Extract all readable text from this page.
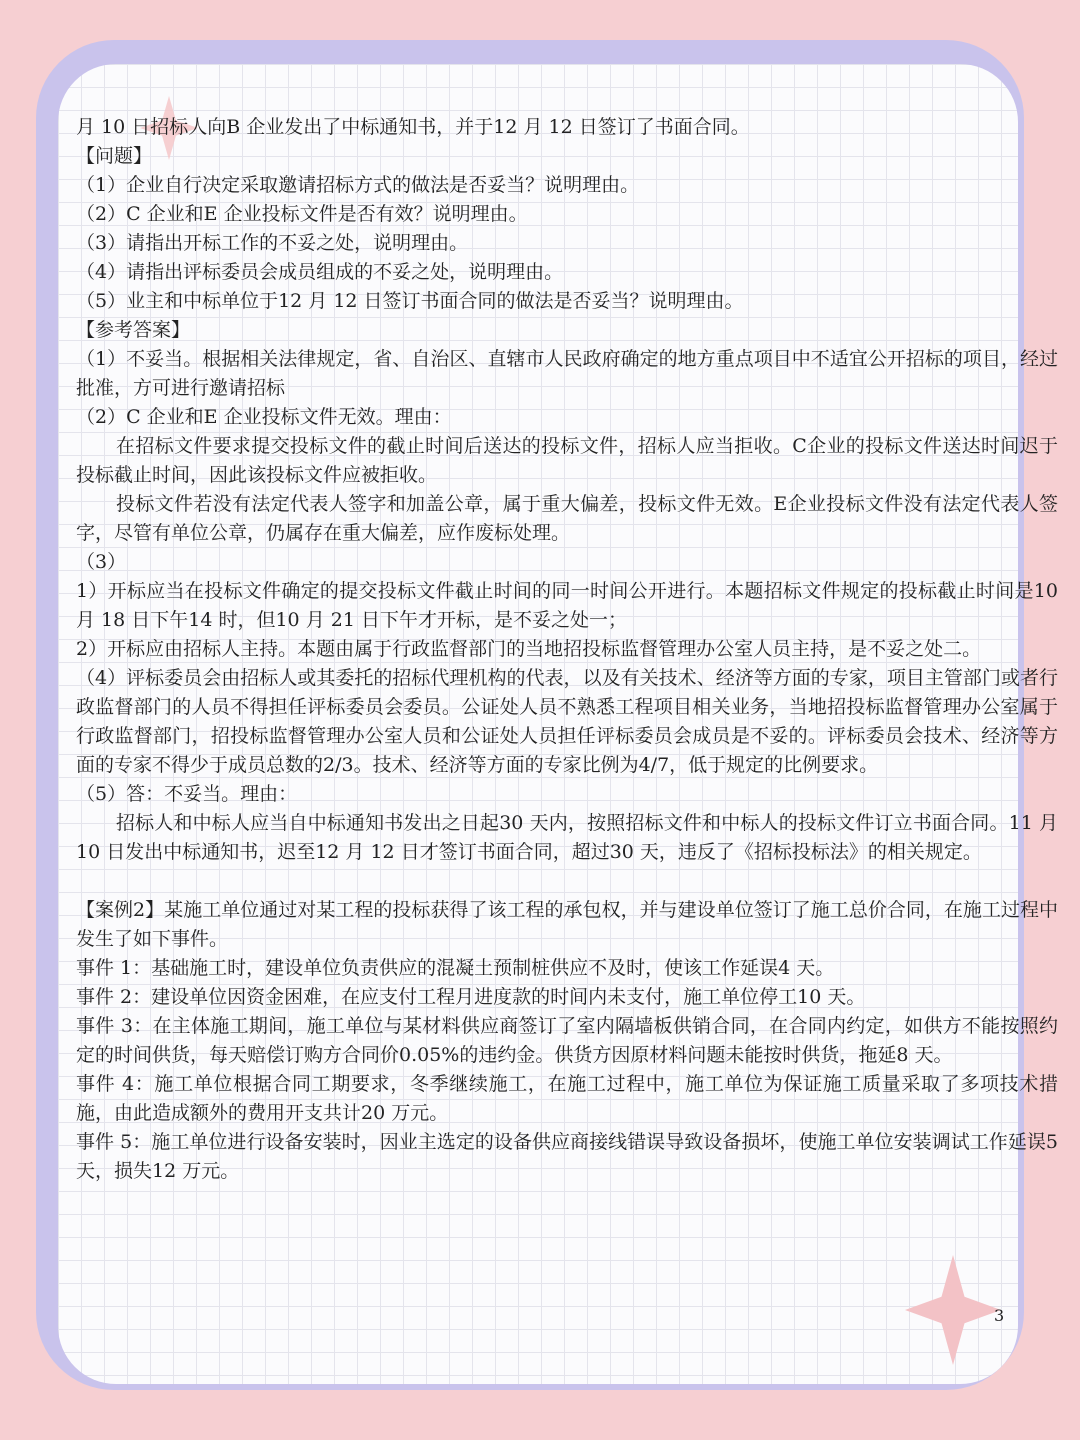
月 10 日招标人向B 企业发出了中标通知书，并于12 月 12 日签订了书面合同。

【问题】

（1）企业自行决定采取邀请招标方式的做法是否妥当？说明理由。

（2）C 企业和E 企业投标文件是否有效？说明理由。

（3）请指出开标工作的不妥之处，说明理由。

（4）请指出评标委员会成员组成的不妥之处，说明理由。

（5）业主和中标单位于12 月 12 日签订书面合同的做法是否妥当？说明理由。

【参考答案】

（1）不妥当。根据相关法律规定，省、自治区、直辖市人民政府确定的地方重点项目中不适宜公开招标的项目，经过批准，方可进行邀请招标

（2）C 企业和E 企业投标文件无效。理由：

在招标文件要求提交投标文件的截止时间后送达的投标文件，招标人应当拒收。C企业的投标文件送达时间迟于投标截止时间，因此该投标文件应被拒收。

投标文件若没有法定代表人签字和加盖公章，属于重大偏差，投标文件无效。E企业投标文件没有法定代表人签字，尽管有单位公章，仍属存在重大偏差，应作废标处理。

（3）

1）开标应当在投标文件确定的提交投标文件截止时间的同一时间公开进行。本题招标文件规定的投标截止时间是10 月 18 日下午14 时，但10 月 21 日下午才开标，是不妥之处一；

2）开标应由招标人主持。本题由属于行政监督部门的当地招投标监督管理办公室人员主持，是不妥之处二。

（4）评标委员会由招标人或其委托的招标代理机构的代表，以及有关技术、经济等方面的专家，项目主管部门或者行政监督部门的人员不得担任评标委员会委员。公证处人员不熟悉工程项目相关业务，当地招投标监督管理办公室属于行政监督部门，招投标监督管理办公室人员和公证处人员担任评标委员会成员是不妥的。评标委员会技术、经济等方面的专家不得少于成员总数的2/3。技术、经济等方面的专家比例为4/7，低于规定的比例要求。

（5）答：不妥当。理由：

招标人和中标人应当自中标通知书发出之日起30 天内，按照招标文件和中标人的投标文件订立书面合同。11 月 10 日发出中标通知书，迟至12 月 12 日才签订书面合同，超过30 天，违反了《招标投标法》的相关规定。

【案例2】某施工单位通过对某工程的投标获得了该工程的承包权，并与建设单位签订了施工总价合同，在施工过程中发生了如下事件。

事件 1：基础施工时，建设单位负责供应的混凝土预制桩供应不及时，使该工作延误4 天。

事件 2：建设单位因资金困难，在应支付工程月进度款的时间内未支付，施工单位停工10 天。

事件 3：在主体施工期间，施工单位与某材料供应商签订了室内隔墙板供销合同，在合同内约定，如供方不能按照约定的时间供货，每天赔偿订购方合同价0.05%的违约金。供货方因原材料问题未能按时供货，拖延8 天。

事件 4：施工单位根据合同工期要求，冬季继续施工，在施工过程中，施工单位为保证施工质量采取了多项技术措施，由此造成额外的费用开支共计20 万元。

事件 5：施工单位进行设备安装时，因业主选定的设备供应商接线错误导致设备损坏，使施工单位安装调试工作延误5 天，损失12 万元。

3
